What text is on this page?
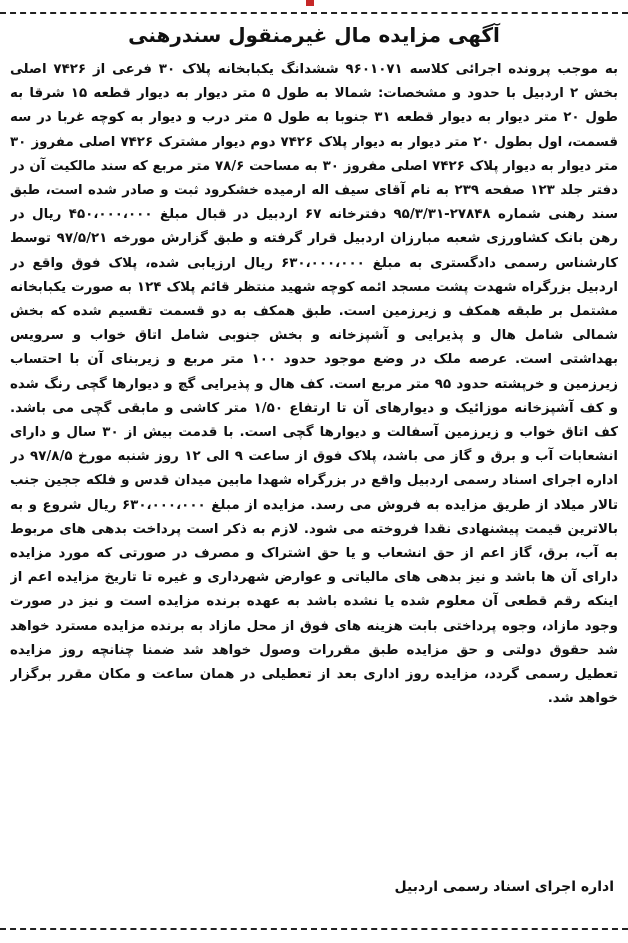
آگهی مزایده مال غیرمنقول سندرهنی

به موجب پرونده اجرائی کلاسه ۹۶۰۱۰۷۱ ششدانگ یکبابخانه پلاک ۳۰ فرعی از ۷۴۲۶ اصلی بخش ۲ اردبیل با حدود و مشخصات: شمالا به طول ۵ متر دیوار به دیوار قطعه ۱۵ شرقا به طول ۲۰ متر دیوار به دیوار قطعه ۳۱ جنوبا به طول ۵ متر درب و دیوار به کوچه غربا در سه قسمت، اول بطول ۲۰ متر دیوار به دیوار پلاک ۷۴۲۶ دوم دیوار مشترک ۷۴۲۶ اصلی مفروز ۳۰ متر دیوار به دیوار پلاک ۷۴۲۶ اصلی مفروز ۳۰ به مساحت ۷۸/۶ متر مربع که سند مالکیت آن در دفتر جلد ۱۲۳ صفحه ۲۳۹ به نام آقای سیف اله ارمیده خشکرود ثبت و صادر شده است، طبق سند رهنی شماره ۲۷۸۴۸-۹۵/۳/۳۱ دفترخانه ۶۷ اردبیل در قبال مبلغ ۴۵۰،۰۰۰،۰۰۰ ریال در رهن بانک کشاورزی شعبه مبارزان اردبیل قرار گرفته و طبق گزارش مورخه ۹۷/۵/۲۱ توسط کارشناس رسمی دادگستری به مبلغ ۶۳۰،۰۰۰،۰۰۰ ریال ارزیابی شده، پلاک فوق واقع در اردبیل بزرگراه شهدت پشت مسجد ائمه کوچه شهید منتظر قائم پلاک ۱۲۴ به صورت یکبابخانه مشتمل بر طبقه همکف و زیرزمین است. طبق همکف به دو قسمت تقسیم شده که بخش شمالی شامل هال و پذیرایی و آشپزخانه و بخش جنوبی شامل اتاق خواب و سرویس بهداشتی است. عرصه ملک در وضع موجود حدود ۱۰۰ متر مربع و زیربنای آن با احتساب زیرزمین و خرپشته حدود ۹۵ متر مربع است. کف هال و پذیرایی گچ و دیوارها گچی رنگ شده و کف آشپزخانه موزائیک و دیوارهای آن تا ارتفاع ۱/۵۰ متر کاشی و مابقی گچی می باشد. کف اتاق خواب و زیرزمین آسفالت و دیوارها گچی است. با قدمت بیش از ۳۰ سال و دارای انشعابات آب و برق و گاز می باشد، پلاک فوق از ساعت ۹ الی ۱۲ روز شنبه مورخ ۹۷/۸/۵ در اداره اجرای اسناد رسمی اردبیل واقع در بزرگراه شهدا مابین میدان قدس و فلکه ججین جنب تالار میلاد از طریق مزایده به فروش می رسد. مزایده از مبلغ ۶۳۰،۰۰۰،۰۰۰ ریال شروع و به بالاترین قیمت پیشنهادی نقدا فروخته می شود. لازم به ذکر است پرداخت بدهی های مربوط به آب، برق، گاز اعم از حق انشعاب و یا حق اشتراک و مصرف در صورتی که مورد مزایده دارای آن ها باشد و نیز بدهی های مالیاتی و عوارض شهرداری و غیره تا تاریخ مزایده اعم از اینکه رقم قطعی آن معلوم شده یا نشده باشد به عهده برنده مزایده است و نیز در صورت وجود مازاد، وجوه پرداختی بابت هزینه های فوق از محل مازاد به برنده مزایده مسترد خواهد شد حقوق دولتی و حق مزایده طبق مقررات وصول خواهد شد ضمنا چنانچه روز مزایده تعطیل رسمی گردد، مزایده روز اداری بعد از تعطیلی در همان ساعت و مکان مقرر برگزار خواهد شد.

اداره اجرای اسناد رسمی اردبیل
